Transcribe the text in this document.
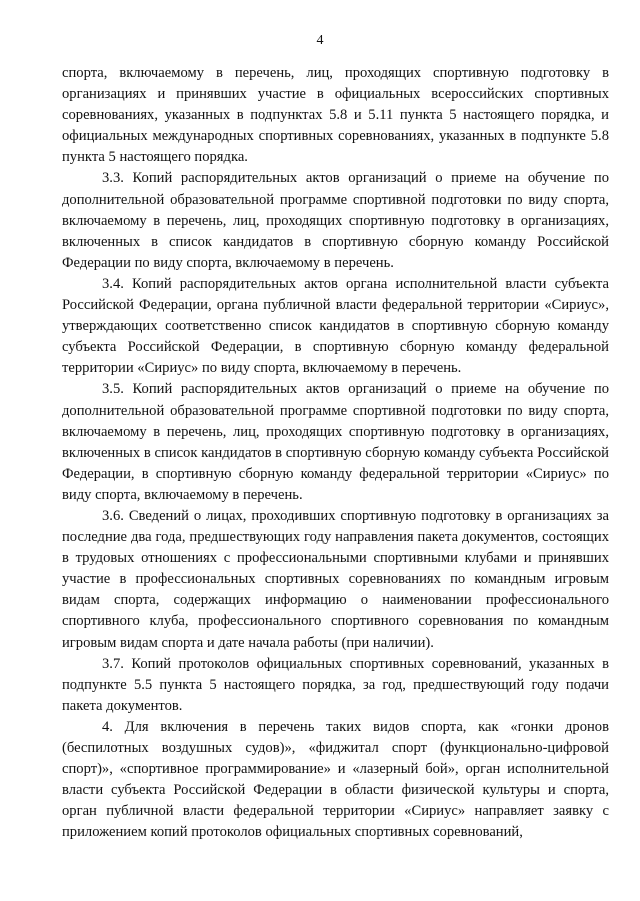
4

спорта, включаемому в перечень, лиц, проходящих спортивную подготовку в организациях и принявших участие в официальных всероссийских спортивных соревнованиях, указанных в подпунктах 5.8 и 5.11 пункта 5 настоящего порядка, и официальных международных спортивных соревнованиях, указанных в подпункте 5.8 пункта 5 настоящего порядка.

3.3. Копий распорядительных актов организаций о приеме на обучение по дополнительной образовательной программе спортивной подготовки по виду спорта, включаемому в перечень, лиц, проходящих спортивную подготовку в организациях, включенных в список кандидатов в спортивную сборную команду Российской Федерации по виду спорта, включаемому в перечень.

3.4. Копий распорядительных актов органа исполнительной власти субъекта Российской Федерации, органа публичной власти федеральной территории «Сириус», утверждающих соответственно список кандидатов в спортивную сборную команду субъекта Российской Федерации, в спортивную сборную команду федеральной территории «Сириус» по виду спорта, включаемому в перечень.

3.5. Копий распорядительных актов организаций о приеме на обучение по дополнительной образовательной программе спортивной подготовки по виду спорта, включаемому в перечень, лиц, проходящих спортивную подготовку в организациях, включенных в список кандидатов в спортивную сборную команду субъекта Российской Федерации, в спортивную сборную команду федеральной территории «Сириус» по виду спорта, включаемому в перечень.

3.6. Сведений о лицах, проходивших спортивную подготовку в организациях за последние два года, предшествующих году направления пакета документов, состоящих в трудовых отношениях с профессиональными спортивными клубами и принявших участие в профессиональных спортивных соревнованиях по командным игровым видам спорта, содержащих информацию о наименовании профессионального спортивного клуба, профессионального спортивного соревнования по командным игровым видам спорта и дате начала работы (при наличии).

3.7. Копий протоколов официальных спортивных соревнований, указанных в подпункте 5.5 пункта 5 настоящего порядка, за год, предшествующий году подачи пакета документов.

4. Для включения в перечень таких видов спорта, как «гонки дронов (беспилотных воздушных судов)», «фиджитал спорт (функционально-цифровой спорт)», «спортивное программирование» и «лазерный бой», орган исполнительной власти субъекта Российской Федерации в области физической культуры и спорта, орган публичной власти федеральной территории «Сириус» направляет заявку с приложением копий протоколов официальных спортивных соревнований,
